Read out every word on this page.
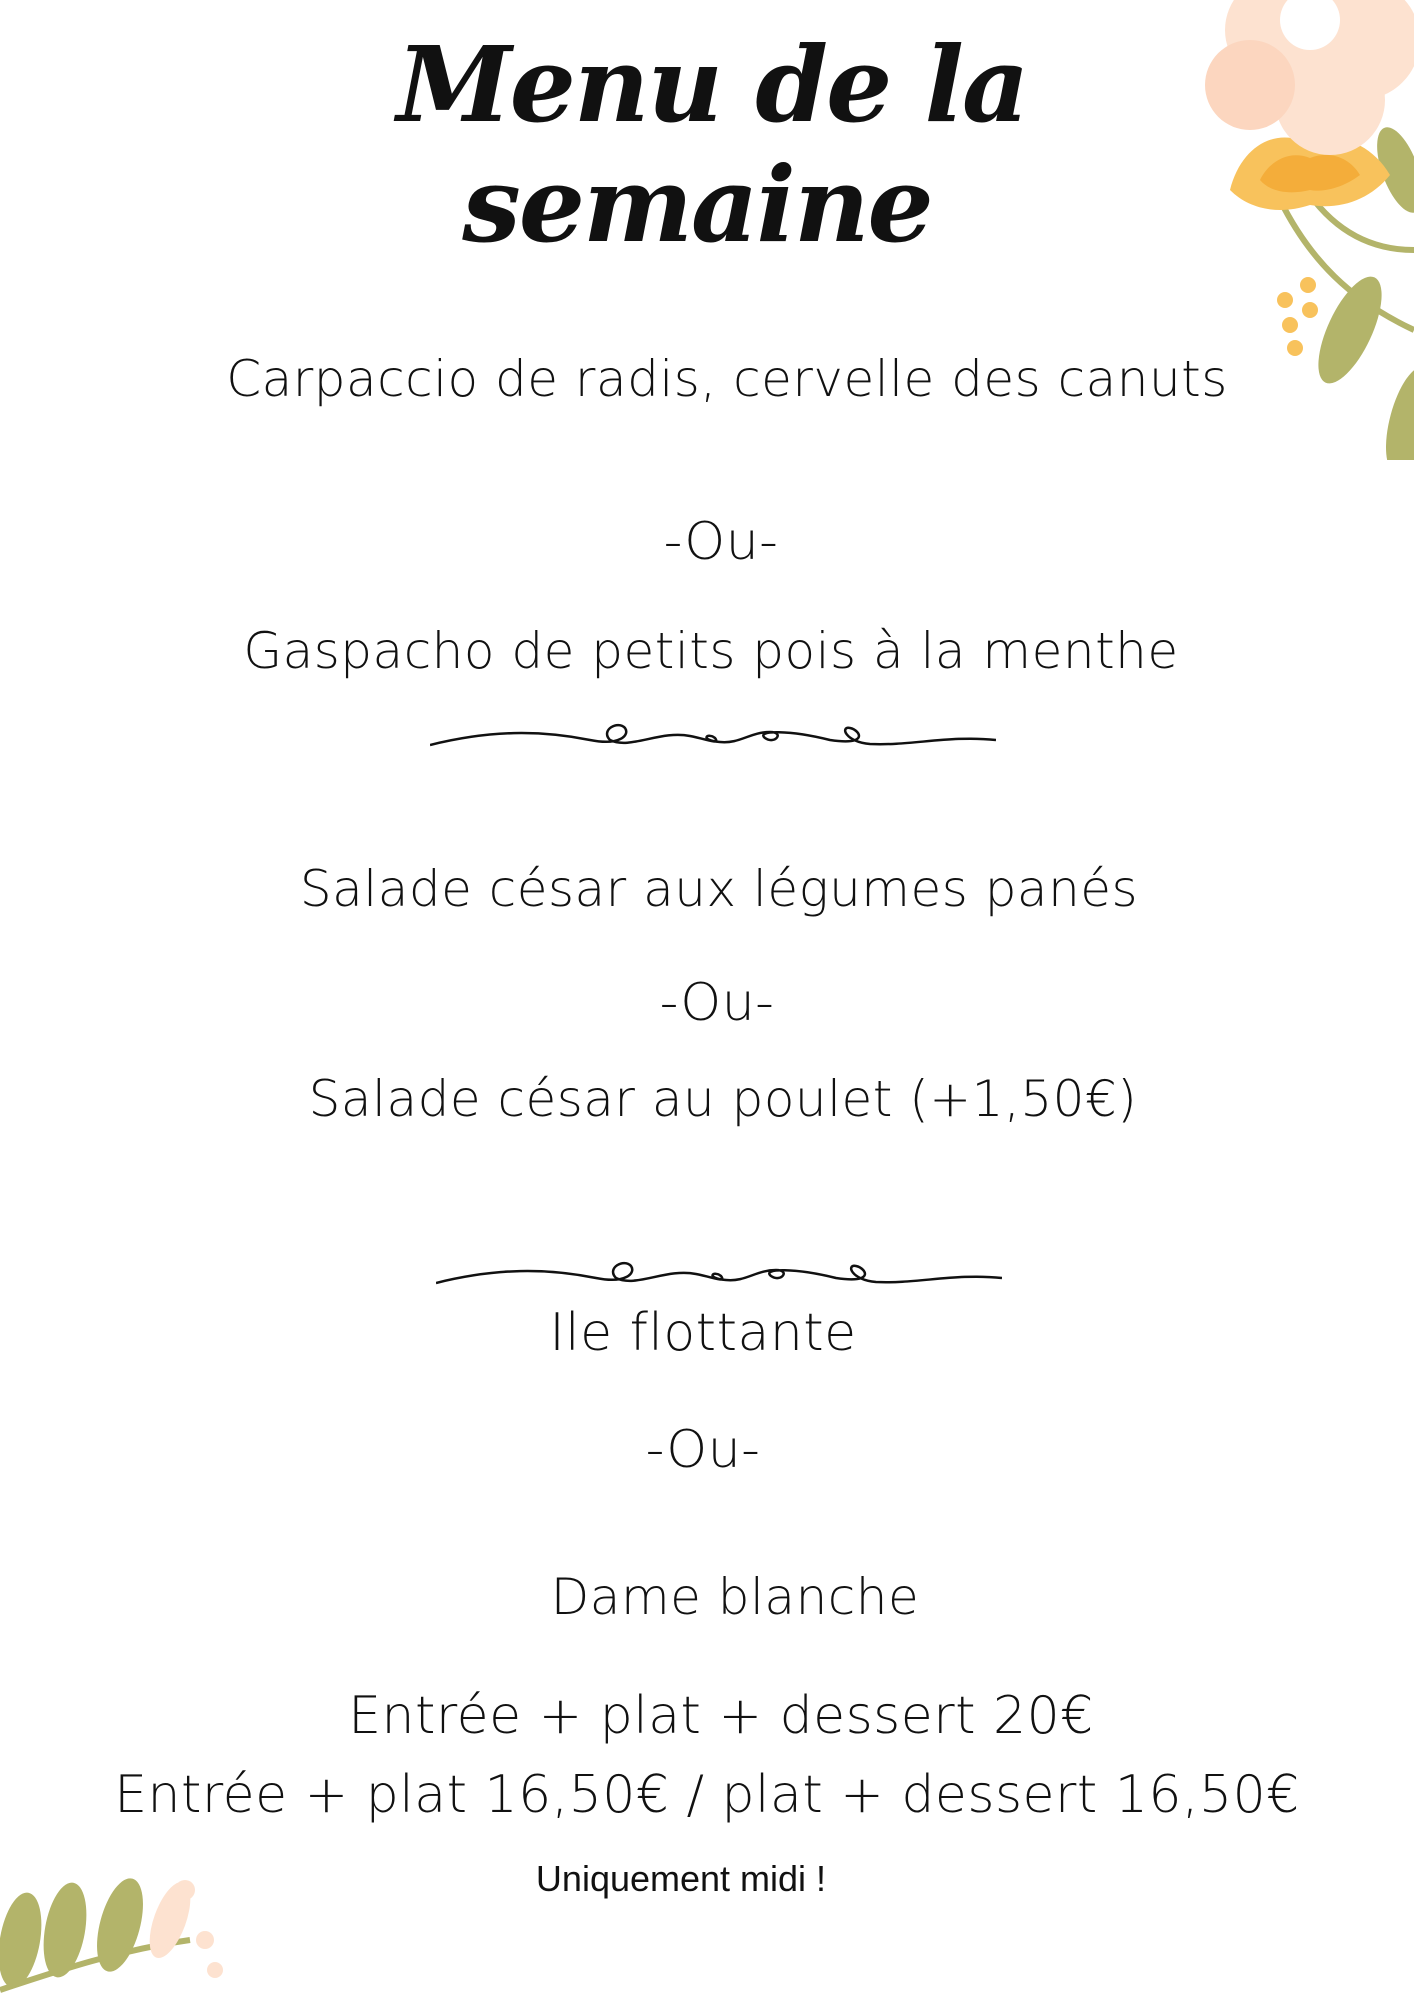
Menu de la
semaine
Carpaccio de radis, cervelle des canuts
-Ou-
Gaspacho de petits pois à la menthe
Salade césar aux légumes panés
-Ou-
Salade césar au poulet (+1,50€)
Ile flottante
-Ou-
Dame blanche
Entrée + plat + dessert 20€
Entrée + plat 16,50€ / plat + dessert 16,50€
Uniquement midi !
